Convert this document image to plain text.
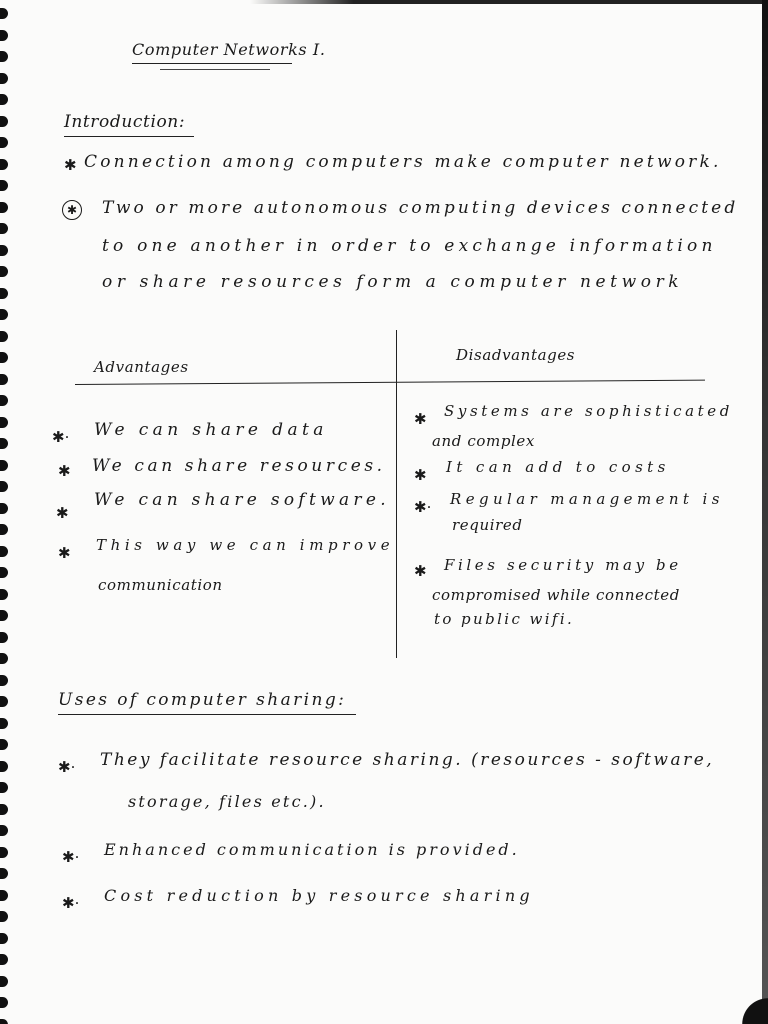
Computer Networks I.
Introduction:
✱ Connection among computers make computer network.
✱ Two or more autonomous computing devices connected
to one another in order to exchange information
or share resources form a computer network
Advantages
Disadvantages
✱· We can share data
✱ We can share resources.
✱
We can share software.
✱ This way we can improve
communication
✱ Systems are sophisticated
and complex
✱ It can add to costs
✱· Regular management is
required
✱ Files security may be
compromised while connected
to public wifi.
Uses of computer sharing:
✱· They facilitate resource sharing. (resources - software,
storage, files etc.).
✱· Enhanced communication is provided.
✱· Cost reduction by resource sharing
